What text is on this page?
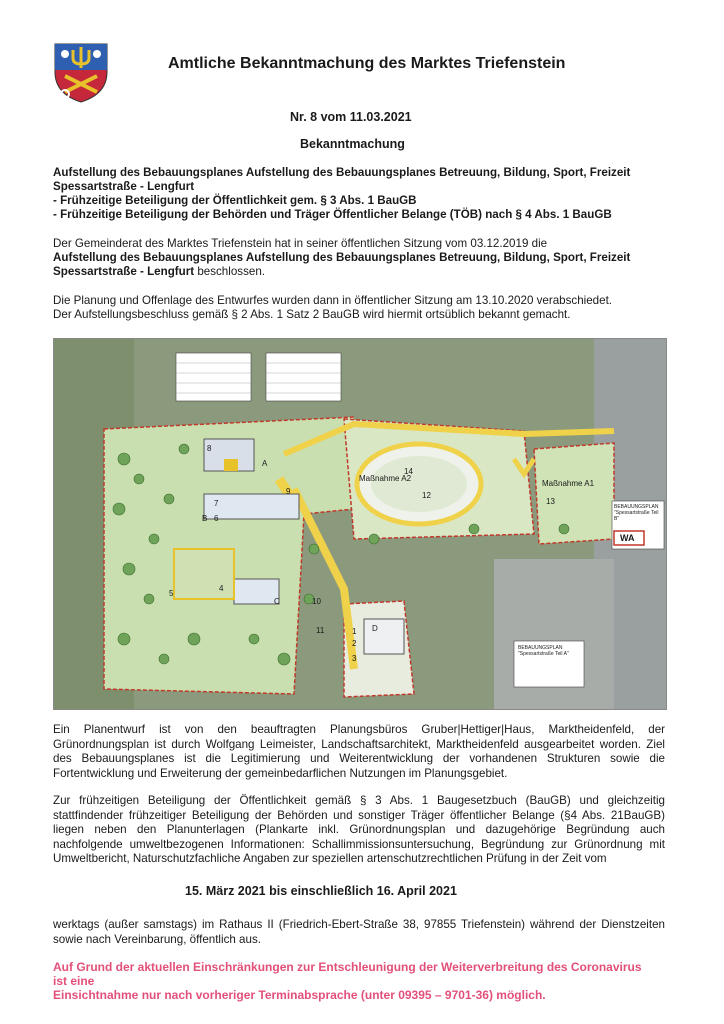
Amtliche Bekanntmachung des Marktes Triefenstein
Nr. 8 vom 11.03.2021
Bekanntmachung
Aufstellung des Bebauungsplanes Aufstellung des Bebauungsplanes Betreuung, Bildung, Sport, Freizeit
Spessartstraße - Lengfurt
- Frühzeitige Beteiligung der Öffentlichkeit gem. § 3 Abs. 1 BauGB
- Frühzeitige Beteiligung der Behörden und Träger Öffentlicher Belange (TÖB) nach § 4 Abs. 1 BauGB
Der Gemeinderat des Marktes Triefenstein hat in seiner öffentlichen Sitzung vom 03.12.2019 die
Aufstellung des Bebauungsplanes Aufstellung des Bebauungsplanes Betreuung, Bildung, Sport, Freizeit
Spessartstraße - Lengfurt beschlossen.
Die Planung und Offenlage des Entwurfes wurden dann in öffentlicher Sitzung am 13.10.2020 verabschiedet.
Der Aufstellungsbeschluss gemäß § 2 Abs. 1 Satz 2 BauGB wird hiermit ortsüblich bekannt gemacht.
Maßnahme A2
Maßnahme A1
WA
BEBAUUNGSPLAN "Spessartstraße Teil B"
BEBAUUNGSPLAN "Spessartstraße Teil A"
8
A
9
7
B 6
5
4
C	10
11
12
13
14
D
2
1
3
Ein Planentwurf ist von den beauftragten Planungsbüros Gruber|Hettiger|Haus, Marktheidenfeld, der Grünordnungsplan ist durch Wolfgang Leimeister, Landschaftsarchitekt, Marktheidenfeld ausgearbeitet worden. Ziel des Bebauungsplanes ist die Legitimierung und Weiterentwicklung der vorhandenen Strukturen sowie die Fortentwicklung und Erweiterung der gemeinbedarflichen Nutzungen im Planungsgebiet.
Zur frühzeitigen Beteiligung der Öffentlichkeit gemäß § 3 Abs. 1 Baugesetzbuch (BauGB) und gleichzeitig stattfindender frühzeitiger Beteiligung der Behörden und sonstiger Träger öffentlicher Belange (§4 Abs. 21BauGB) liegen neben den Planunterlagen (Plankarte inkl. Grünordnungsplan und dazugehörige Begründung auch nachfolgende umweltbezogenen Informationen: Schallimmissionsuntersuchung, Begründung zur Grünordnung mit Umweltbericht, Naturschutzfachliche Angaben zur speziellen artenschutzrechtlichen Prüfung in der Zeit vom
15. März 2021 bis einschließlich 16. April 2021
werktags (außer samstags) im Rathaus II (Friedrich-Ebert-Straße 38, 97855 Triefenstein) während der Dienstzeiten sowie nach Vereinbarung, öffentlich aus.
Auf Grund der aktuellen Einschränkungen zur Entschleunigung der Weiterverbreitung des Coronavirus
ist eine
Einsichtnahme nur nach vorheriger Terminabsprache (unter 09395 – 9701-36) möglich.
